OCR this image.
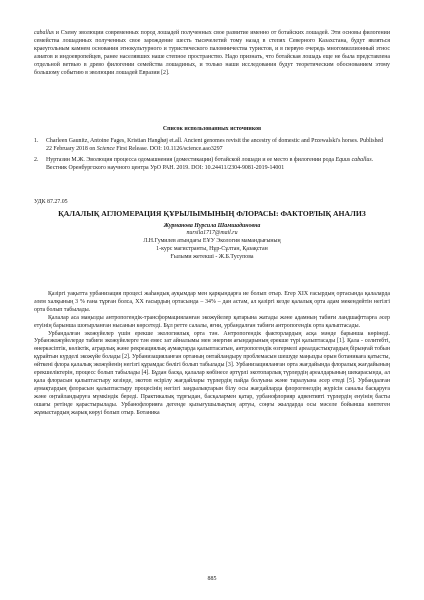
caballus и Схему эволюции современных пород лошадей полученных свое развитие именно от ботайских лошадей. Эти основы филогении семейства лошадиных полученных свое зарождение шесть тысячелетий тому назад в степях Северного Казахстана, будут являться краеугольным камнем основания этнокультурного и туристического паломничества туристов, и в первую очередь многомиллионный этнос азиатов и индоевропейцев, ранее населявших наше степное пространство. Надо признать, что ботайская лошадь еще не была представлена отдельной ветвью в древо филогении семейства лошадиных, и только наши исследования будут теоретическим обоснованием этому большому событию в эволюции лошадей Евразии [2].

Список использованных источников

1. Charleen Gaunitz, Antoine Fages, Kristian Hanghøj et.all. Ancient genomes revisit the ancestry of domestic and Przewalski's horses. Published 22 February 2018 on Science First Release. DOI: 10.1126/science.aao3297

2. Нуртазин М.Ж. Эволюция процесса одомашнения (доместикации) ботайской лошади и ее место в филогении рода Equus caballus. Вестник Оренбургского научного центра УрО РАН. 2019. DOI: 10.24411/2304-9081-2019-14001

УДК 87.27.05

ҚАЛАЛЫҚ АГЛОМЕРАЦИЯ ҚҰРЫЛЫМЫНЫҢ ФЛОРАСЫ: ФАКТОРЛЫҚ АНАЛИЗ

Журманова Нурсила Шамшадиновна

nursila1717@mail.ru

Л.Н.Гумилев атындағы ЕҰУ Экология мамандығының

1-курс магистранты, Нұр-Сұлтан, Қазақстан

Ғылыми жетекші - Ж.Б.Тусупова

Қазіргі уақытта урбанизация процесі жаһандық ауқымдар мен қарқындарға ие болып отыр. Егер XIX ғасырдың ортасында қалаларда әлем халқының 3 % ғана тұрған болса, XX ғасырдың ортасында – 34% – дан астам, ал қазіргі кезде қалалық орта адам мекендейтін негізгі орта болып табылады.

Қалалар аса маңызды антропогендік-трансформацияланған экожүйелер қатарына жатады және адамның табиғи ландшафттарға әсер етуінің барынша шоғырланған нысанын көрсетеді. Бұл ретте салалы, яғни, урбандалған табиғи антропогендік орта қалыптасады.

Урбандалған экожүйелер үшін ерекше экологиялық орта тән. Антропогендік факторлардың асқа мәнде барынша көрінеді. Урбанэкожүйелерде табиғи экожүйелерге тән емес зат айналымы мен энергия ағындарының ерекше түрі қалыптасады [1]. Қала - селитебті, өнеркәсіптік, көліктік, аграрлық және рекреациялық аумақтарда қалыптасатын, антропогендік өзгермелі ареалдастықтардың бірыңғай тобын құрайтын күрделі экожүйе болады [2]. Урбанизацияланған ортаның онтайландыру проблемасын шешуде маңызды орын ботаникаға қатысты, өйткені флора қалалық экожүйенің негізгі құрамдас бөлігі болып табылады [3]. Урбанизацияланған орта жағдайында флоралық жағдайының ерекшеліктерін, процесс болып табылады [4]. Бұдан басқа, қалалар көбінесе әртүрлі экотопарлық түрлердің ареалдарының шекарасында, ал қала флорасын қалыптастыру кезінде, экотоп өсірілу жағдайлары түрлердің пайда болуына және таралуына әсер етеді [5]. Урбандалған аумақтардың флорасын қалыптастыру процесінің негізгі заңдылықтарын білу осы жағдайларда флорогенездің жүрісін саналы басқаруға және оңтайландыруға мүмкіндік береді. Практикалық тұрғыдан, басқалармен қатар, урбанофлорияр адвентивті түрлердің енуінің басты ошағы ретінде қарастырылады. Урбанофлорияға дегенде қызығушылықтың артуы, соңғы жылдарда осы мәселе бойынша көптеген жұмыстардың жарық көруі болып отыр. Ботаника

885
